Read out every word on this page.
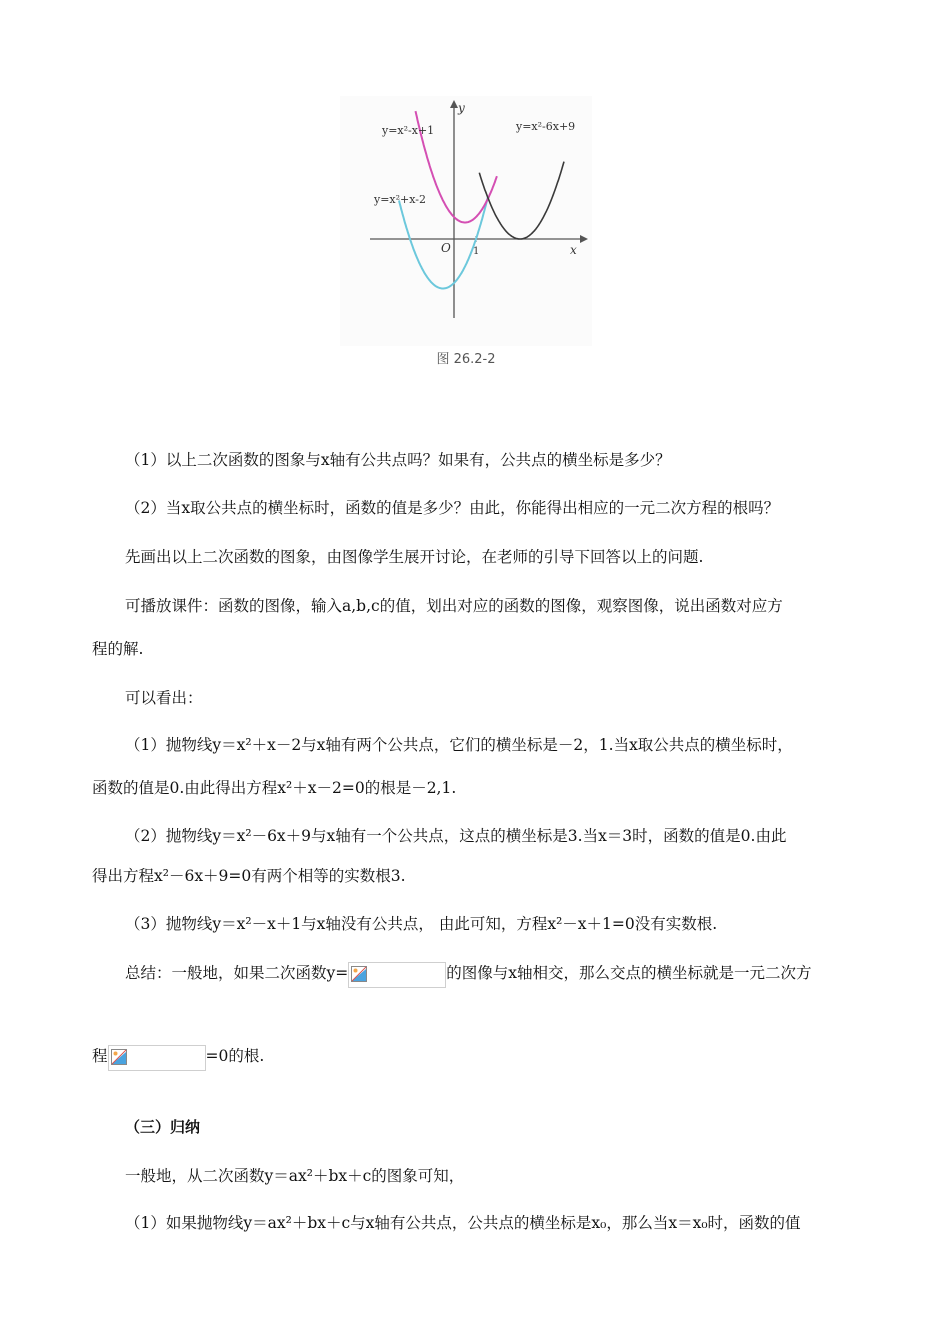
y=x²-x+1	y=x²-6x+9
y=x²+x-2
O 1	x
y
图 26.2-2
（1）以上二次函数的图象与x轴有公共点吗？如果有，公共点的横坐标是多少？
（2）当x取公共点的横坐标时，函数的值是多少？由此，你能得出相应的一元二次方程的根吗？
先画出以上二次函数的图象，由图像学生展开讨论，在老师的引导下回答以上的问题.
可播放课件：函数的图像，输入a,b,c的值，划出对应的函数的图像，观察图像，说出函数对应方
程的解.
可以看出：
（1）抛物线y＝x²＋x－2与x轴有两个公共点，它们的横坐标是－2，1.当x取公共点的横坐标时，
函数的值是0.由此得出方程x²＋x－2=0的根是－2,1.
（2）抛物线y＝x²－6x＋9与x轴有一个公共点，这点的横坐标是3.当x＝3时，函数的值是0.由此
得出方程x²－6x＋9=0有两个相等的实数根3.
（3）抛物线y＝x²－x＋1与x轴没有公共点， 由此可知，方程x²－x＋1=0没有实数根.
总结：一般地，如果二次函数y=	的图像与x轴相交，那么交点的横坐标就是一元二次方
程	=0的根.
（三）归纳
一般地，从二次函数y＝ax²＋bx＋c的图象可知，
（1）如果抛物线y＝ax²＋bx＋c与x轴有公共点，公共点的横坐标是x₀，那么当x＝x₀时，函数的值
